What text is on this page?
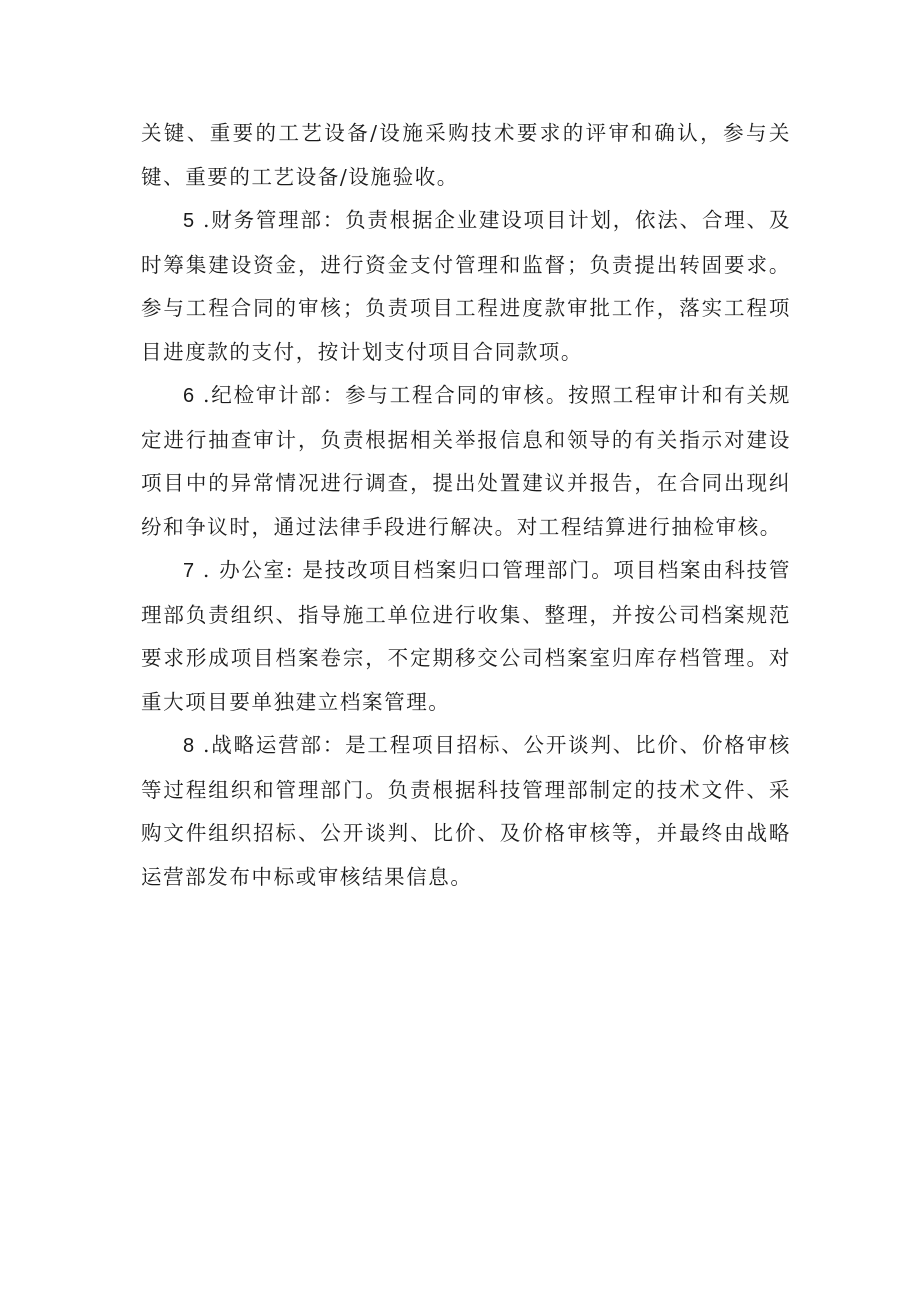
关键、重要的工艺设备/设施采购技术要求的评审和确认，参与关键、重要的工艺设备/设施验收。

5 .财务管理部：负责根据企业建设项目计划，依法、合理、及时筹集建设资金，进行资金支付管理和监督；负责提出转固要求。参与工程合同的审核；负责项目工程进度款审批工作，落实工程项目进度款的支付，按计划支付项目合同款项。

6 .纪检审计部：参与工程合同的审核。按照工程审计和有关规定进行抽查审计，负责根据相关举报信息和领导的有关指示对建设项目中的异常情况进行调查，提出处置建议并报告，在合同出现纠纷和争议时，通过法律手段进行解决。对工程结算进行抽检审核。

7 . 办公室: 是技改项目档案归口管理部门。项目档案由科技管理部负责组织、指导施工单位进行收集、整理，并按公司档案规范要求形成项目档案卷宗，不定期移交公司档案室归库存档管理。对重大项目要单独建立档案管理。

8 .战略运营部：是工程项目招标、公开谈判、比价、价格审核等过程组织和管理部门。负责根据科技管理部制定的技术文件、采购文件组织招标、公开谈判、比价、及价格审核等，并最终由战略运营部发布中标或审核结果信息。
